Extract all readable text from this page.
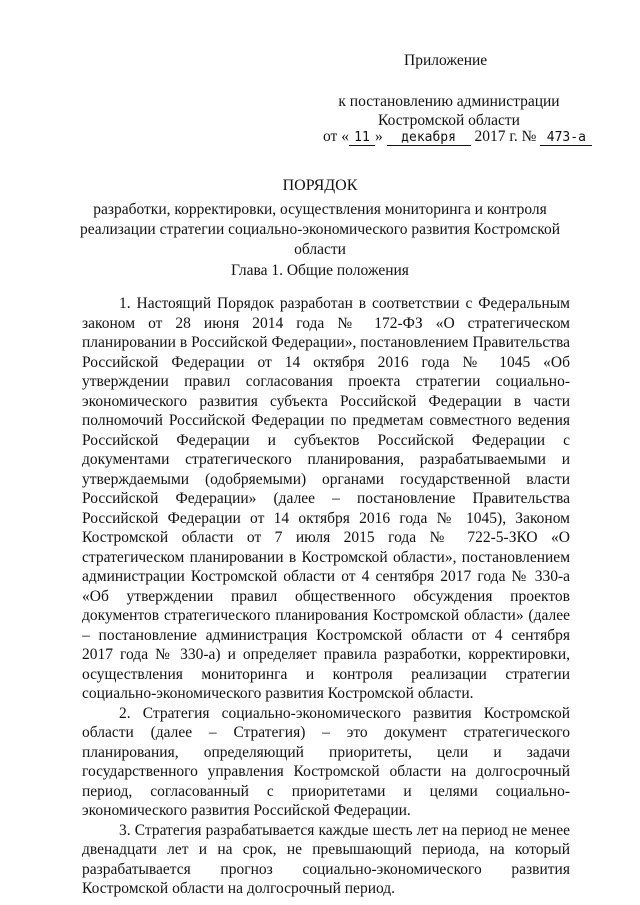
Приложение
к постановлению администрации Костромской области
от « 11 » декабря 2017 г. № 473-а
ПОРЯДОК
разработки, корректировки, осуществления мониторинга и контроля реализации стратегии социально-экономического развития Костромской области
Глава 1. Общие положения

1. Настоящий Порядок разработан в соответствии с Федеральным законом от 28 июня 2014 года № 172-ФЗ «О стратегическом планировании в Российской Федерации», постановлением Правительства Российской Федерации от 14 октября 2016 года № 1045 «Об утверждении правил согласования проекта стратегии социально-экономического развития субъекта Российской Федерации в части полномочий Российской Федерации по предметам совместного ведения Российской Федерации и субъектов Российской Федерации с документами стратегического планирования, разрабатываемыми и утверждаемыми (одобряемыми) органами государственной власти Российской Федерации» (далее – постановление Правительства Российской Федерации от 14 октября 2016 года № 1045), Законом Костромской области от 7 июля 2015 года № 722-5-ЗКО «О стратегическом планировании в Костромской области», постановлением администрации Костромской области от 4 сентября 2017 года № 330-а «Об утверждении правил общественного обсуждения проектов документов стратегического планирования Костромской области» (далее – постановление администрация Костромской области от 4 сентября 2017 года № 330-а) и определяет правила разработки, корректировки, осуществления мониторинга и контроля реализации стратегии социально-экономического развития Костромской области.

2. Стратегия социально-экономического развития Костромской области (далее – Стратегия) – это документ стратегического планирования, определяющий приоритеты, цели и задачи государственного управления Костромской области на долгосрочный период, согласованный с приоритетами и целями социально-экономического развития Российской Федерации.

3. Стратегия разрабатывается каждые шесть лет на период не менее двенадцати лет и на срок, не превышающий периода, на который разрабатывается прогноз социально-экономического развития Костромской области на долгосрочный период.
